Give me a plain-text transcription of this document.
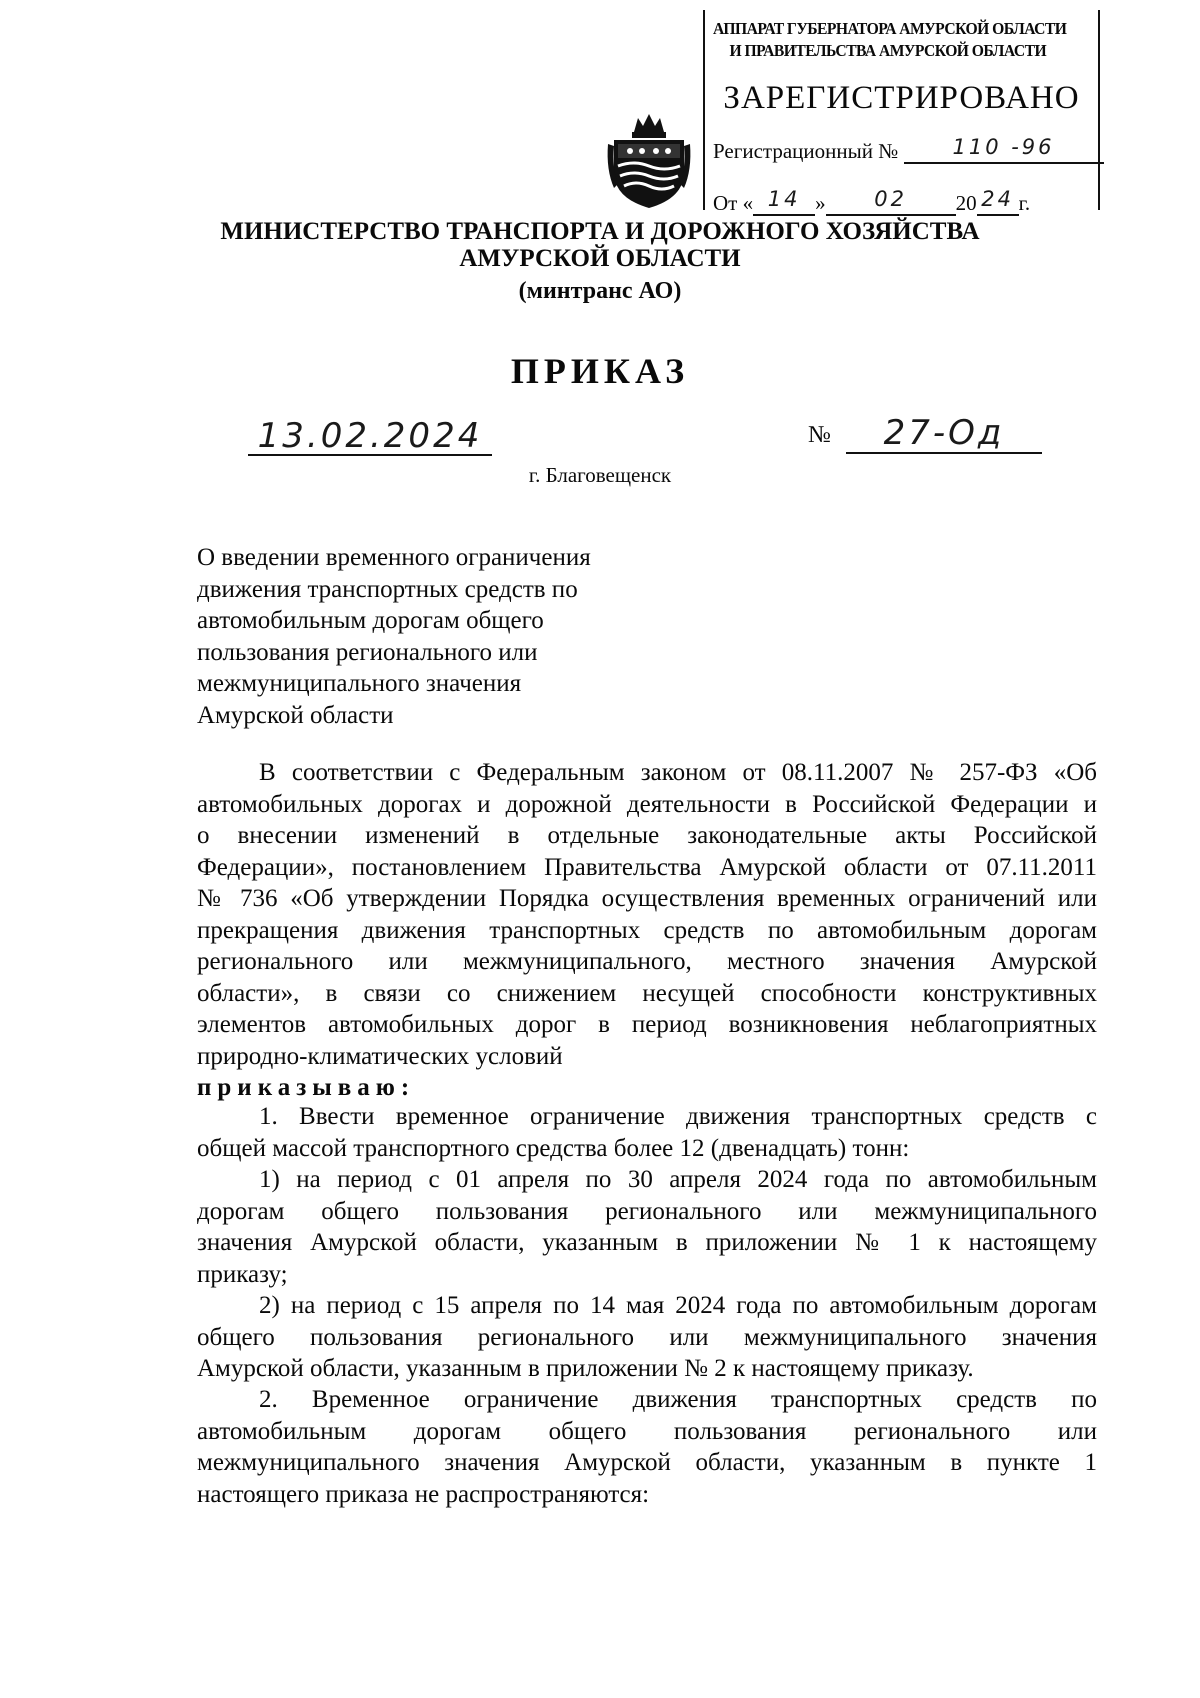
АППАРАТ ГУБЕРНАТОРА АМУРСКОЙ ОБЛАСТИ
И ПРАВИТЕЛЬСТВА АМУРСКОЙ ОБЛАСТИ
ЗАРЕГИСТРИРОВАНО
Регистрационный №	110 -96
От « 14 » 02 20 24 г.
МИНИСТЕРСТВО ТРАНСПОРТА И ДОРОЖНОГО ХОЗЯЙСТВА
АМУРСКОЙ ОБЛАСТИ
(минтранс АО)
ПРИКАЗ
13.02.2024	№	27-Од
г. Благовещенск
О введении временного ограничения
движения транспортных средств по
автомобильным дорогам общего
пользования регионального или
межмуниципального значения
Амурской области
В соответствии с Федеральным законом от 08.11.2007 № 257-ФЗ «Об
автомобильных дорогах и дорожной деятельности в Российской Федерации и
о внесении изменений в отдельные законодательные акты Российской
Федерации», постановлением Правительства Амурской области от 07.11.2011
№ 736 «Об утверждении Порядка осуществления временных ограничений или
прекращения движения транспортных средств по автомобильным дорогам
регионального или межмуниципального, местного значения Амурской
области», в связи со снижением несущей способности конструктивных
элементов автомобильных дорог в период возникновения неблагоприятных
природно-климатических условий
приказываю:
1. Ввести временное ограничение движения транспортных средств с
общей массой транспортного средства более 12 (двенадцать) тонн:
1) на период с 01 апреля по 30 апреля 2024 года по автомобильным
дорогам общего пользования регионального или межмуниципального
значения Амурской области, указанным в приложении № 1 к настоящему
приказу;
2) на период с 15 апреля по 14 мая 2024 года по автомобильным дорогам
общего пользования регионального или межмуниципального значения
Амурской области, указанным в приложении № 2 к настоящему приказу.
2. Временное ограничение движения транспортных средств по
автомобильным дорогам общего пользования регионального или
межмуниципального значения Амурской области, указанным в пункте 1
настоящего приказа не распространяются:
